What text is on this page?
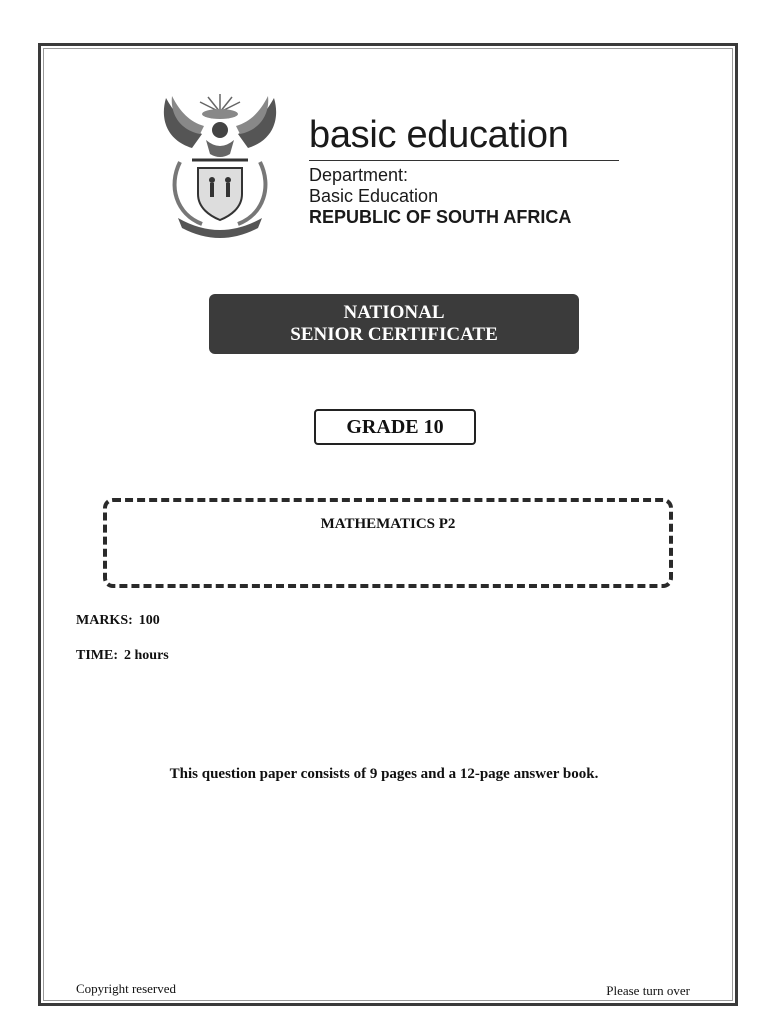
basic education
Department:
Basic Education
REPUBLIC OF SOUTH AFRICA
NATIONAL
SENIOR CERTIFICATE
GRADE 10
MATHEMATICS P2
MARKS: 100
TIME: 2 hours
This question paper consists of 9 pages and a 12-page answer book.
Copyright reserved	Please turn over
